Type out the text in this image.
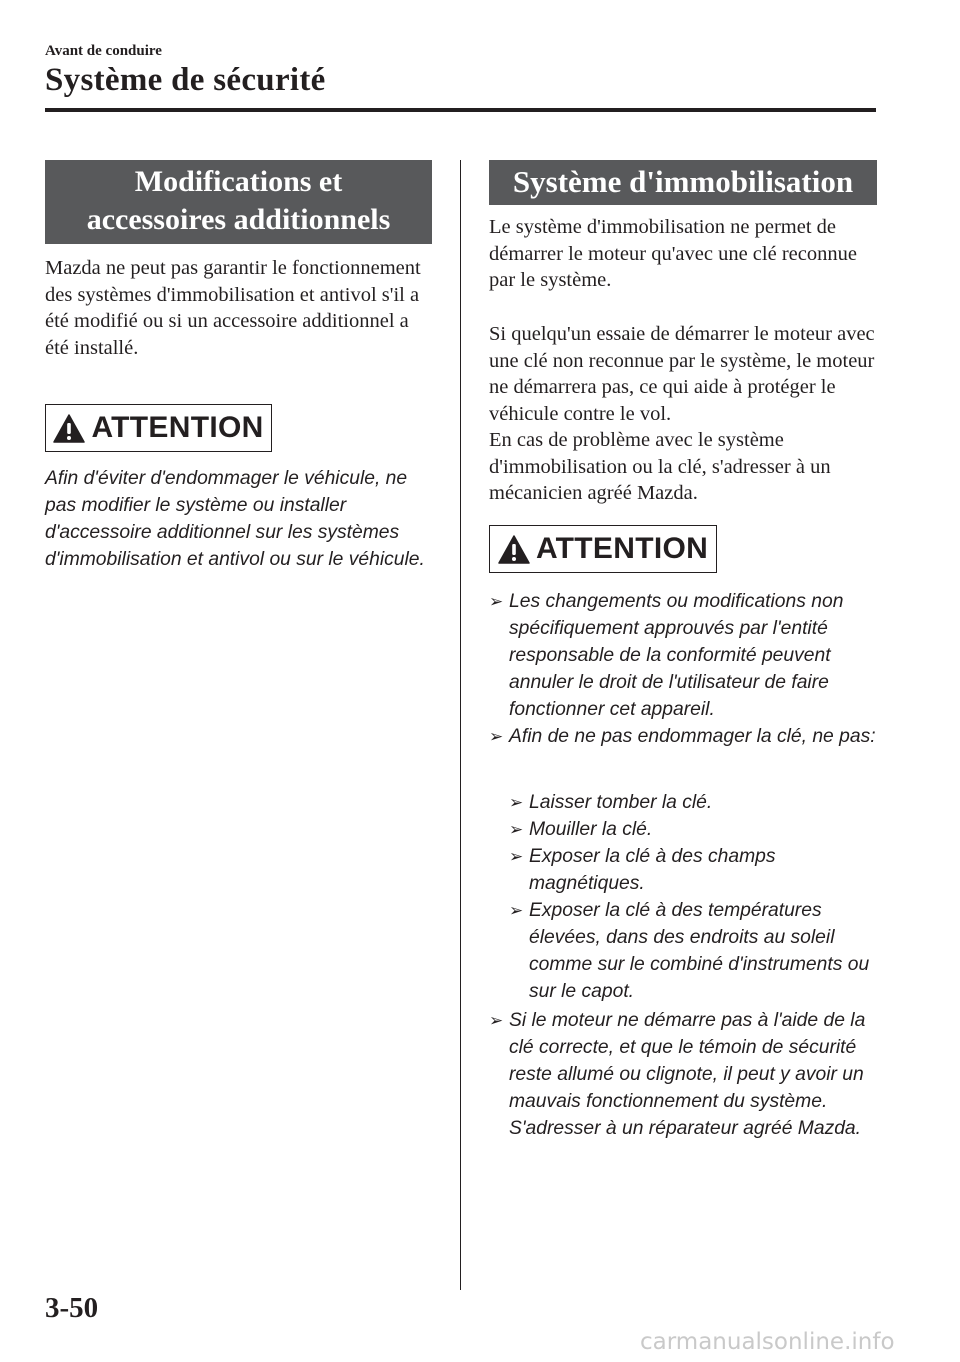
Avant de conduire
Système de sécurité
Modifications et
accessoires additionnels

Mazda ne peut pas garantir le fonctionnement des systèmes d'immobilisation et antivol s'il a été modifié ou si un accessoire additionnel a été installé.

ATTENTION

Afin d'éviter d'endommager le véhicule, ne pas modifier le système ou installer d'accessoire additionnel sur les systèmes d'immobilisation et antivol ou sur le véhicule.

Système d'immobilisation

Le système d'immobilisation ne permet de démarrer le moteur qu'avec une clé reconnue par le système.

Si quelqu'un essaie de démarrer le moteur avec une clé non reconnue par le système, le moteur ne démarrera pas, ce qui aide à protéger le véhicule contre le vol.

En cas de problème avec le système d'immobilisation ou la clé, s'adresser à un mécanicien agréé Mazda.

ATTENTION
➢ Les changements ou modifications non spécifiquement approuvés par l'entité responsable de la conformité peuvent annuler le droit de l'utilisateur de faire fonctionner cet appareil.
➢ Afin de ne pas endommager la clé, ne pas:
➢ Laisser tomber la clé.
➢ Mouiller la clé.
➢ Exposer la clé à des champs magnétiques.
➢ Exposer la clé à des températures élevées, dans des endroits au soleil comme sur le combiné d'instruments ou sur le capot.
➢ Si le moteur ne démarre pas à l'aide de la clé correcte, et que le témoin de sécurité reste allumé ou clignote, il peut y avoir un mauvais fonctionnement du système. S'adresser à un réparateur agréé Mazda.
3-50
carmanualsonline.info
